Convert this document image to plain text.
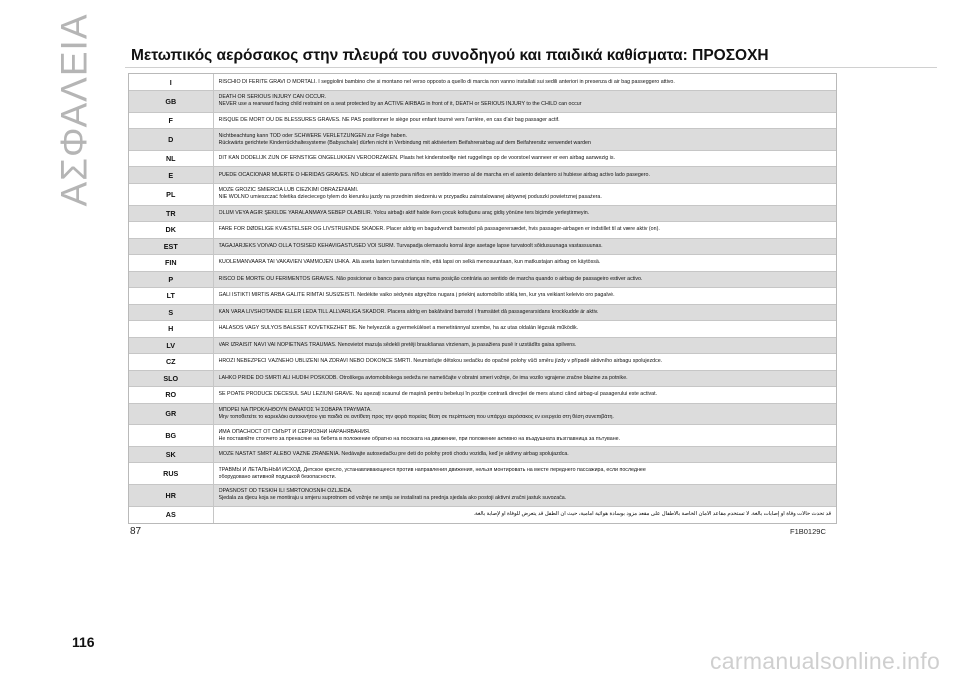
ΑΣΦΑΛΕΙΑ Μετωπικός αερόσακος στην πλευρά του συνοδηγού και παιδικά καθίσματα: ΠΡΟΣΟΧΗ
I	RISCHIO DI FERITE GRAVI O MORTALI. I seggiolini bambino che si montano nel verso opposto a quello di marcia non vanno installati sui sedili anteriori in presenza di air bag passeggero attivo.

GB	DEATH OR SERIOUS INJURY CAN OCCUR.
NEVER use a rearward facing child restraint on a seat protected by an ACTIVE AIRBAG in front of it, DEATH or SERIOUS INJURY to the CHILD can occur

F	RISQUE DE MORT OU DE BLESSURES GRAVES. NE PAS positionner le siège pour enfant tourné vers l'arrière, en cas d'air bag passager actif.

D	Nichtbeachtung kann TOD oder SCHWERE VERLETZUNGEN zur Folge haben.
Rückwärts gerichtete Kinderrückhaltesysteme (Babyschale) dürfen nicht in Verbindung mit aktiviertem Beifahrerairbag auf dem Beifahrersitz verwendet warden

NL	DIT KAN DODELIJK ZIJN OF ERNSTIGE ONGELUKKEN VEROORZAKEN. Plaats het kinderstoeltje niet ruggelings op de voorstoel wanneer er een airbag aanwezig is.

E	PUEDE OCACIONAR MUERTE O HERIDAS GRAVES. NO ubicar el asiento para niños en sentido inverso al de marcha en el asiento delantero si hubiese airbag activo lado pasegero.

PL	MOŻE GROZIĆ ŚMIERCIA LUB CIEŻKIMI OBRAŻENIAMI.
NIE WOLNO umieszczać foletika dzieciecego tylem do kierunku jazdy na przednim siedzeniu w przypadku zainstalowanej aktywnej poduszki powietrznej pasażera.

TR	ÖLÜM VEYA AĞIR ŞEKİLDE YARALANMAYA SEBEP OLABİLİR. Yolcu airbağı aktif halde iken çocuk koltuğunu araç gidiş yönüne ters biçimde yerleştirmeyin.

DK	FARE FOR DØDELIGE KVÆSTELSER OG LIVSTRUENDE SKADER. Placer aldrig en bagudvendt barnestol på passagerersædet, hvis passager-airbagen er indstillet til at være aktiv (on).

EST	TAGAJÄRJEKS VÕIVAD OLLA TÕSISED KEHAVIGASTUSED VÕI SURM. Turvapadja olemasolu korral ärge asetage lapse turvatoolt sõidusuunaga vastassuunas.

FIN	KUOLEMANVAARA TAI VAKAVIEN VAMMOJEN UHKA. Älä aseta lasten turvaistuinta niin, että lapsi on selkä menosuuntaan, kun matkustajan airbag on käytössä.

P	RISCO DE MORTE OU FERIMENTOS GRAVES. Não posicionar o banco para crianças numa posição contrária ao sentido de marcha quando o airbag de passageiro estiver activo.

LT	GALI IŠTIKTI MIRTIS ARBA GALITE RIMTAI SUSIŽEISTI. Nedėkite vaiko sėdynės atgręžtos nugara į priekinį automobilio stiklą ten, kur yra veikiant keleivio oro pagalvė.

S	KAN VARA LIVSHOTANDE ELLER LEDA TILL ALLVARLIGA SKADOR. Placera aldrig en bakåtvänd barnstol i framsätet då passagerarsidans krockkudde är aktiv.

H	HALÁSOS VAGY SÚLYOS BALESET KÖVETKEZHET BE. Ne helyezzük a gyermeküléset a menetiránnyal szembe, ha az utas oldalán légzsák működik.

LV	VAR IZRAISĪT NĀVI VAI NOPIETNAS TRAUMAS. Nenovietot mazuļa sēdekli pretēji braukšanas virzienam, ja pasažiera pusē ir uzstādīts gaisa spilvens.

CZ	HROZÍ NEBEZPEČÍ VÁŽNÉHO UBLÍŽENÍ NA ZDRAVÍ NEBO DOKONCE SMRTI. Neumisťujte dětskou sedačku do opačné polohy vůči směru jízdy v případě aktivního airbagu spolujezdce.

SLO	LAHKO PRIDE DO SMRTI ALI HUDIH POŠKODB. Otroškega avtomobilskega sedeža ne nameščajte v obratni smeri vožnje, če ima vozilo vgrajene zračne blazine za potnike.

RO	SE POATE PRODUCE DECESUL SAU LEZIUNI GRAVE. Nu așezați scaunul de mașină pentru bebeluși în poziție contrară direcției de mers atunci când airbag-ul pasagerului este activat.

GR	ΜΠΟΡΕΙ ΝΑ ΠΡΟΚΛΗΘΟΥΝ ΘΑΝΑΤΟΣ Ή ΣΟΒΑΡΑ ΤΡΑΥΜΑΤΑ.
Μην τοποθετείτε το καρεκλάκι αυτοκινήτου για παιδιά σε αντίθετη προς την φορά πορείας θέση σε περίπτωση που υπάρχει αερόσακος εν ενεργεία στη θέση συνεπιβάτη.

BG	ИМА ОПАСНОСТ ОТ СМЪРТ И СЕРИОЗНИ НАРАНЯВАНИЯ.
Не поставяйте столчето за пренасяне на бебета в положение обратно на посоката на движение, при положение активно на въздушната възглавница за пътуване.

SK	MÔŽE NASTAŤ SMRŤ ALEBO VÁŽNE ZRANENIA. Nedávajte autosedačku pre deti do polohy proti chodu vozidla, keď je aktívny airbag spolujazdca.

RUS	ТРАВМЫ И ЛЕТАЛЬНЫЙ ИСХОД. Детское кресло, устанавливающееся против направления движения, нельзя монтировать на месте переднего пассажира, если последнее
оборудовано активной подушкой безопасности.

HR	OPASNOST OD TEŠKIH ILI SMRTONOSNIH OZLJEDA.
Sjedala za djecu koja se montiraju u smjeru suprotnom od vožnje ne smiju se instalirati na prednja sjedala ako postoji aktivni zračni jastuk suvozača.

AS	قد تحدث حالات وفاة أو إصابات بالغة. لا تستخدم مقاعد الأمان الخاصة بالأطفال على مقعد مزود بوسادة هوائية أمامية، حيث أن الطفل قد يتعرض للوفاة أو لإصابة بالغة.
87	F1B0129C
116
carmanualsonline.info
